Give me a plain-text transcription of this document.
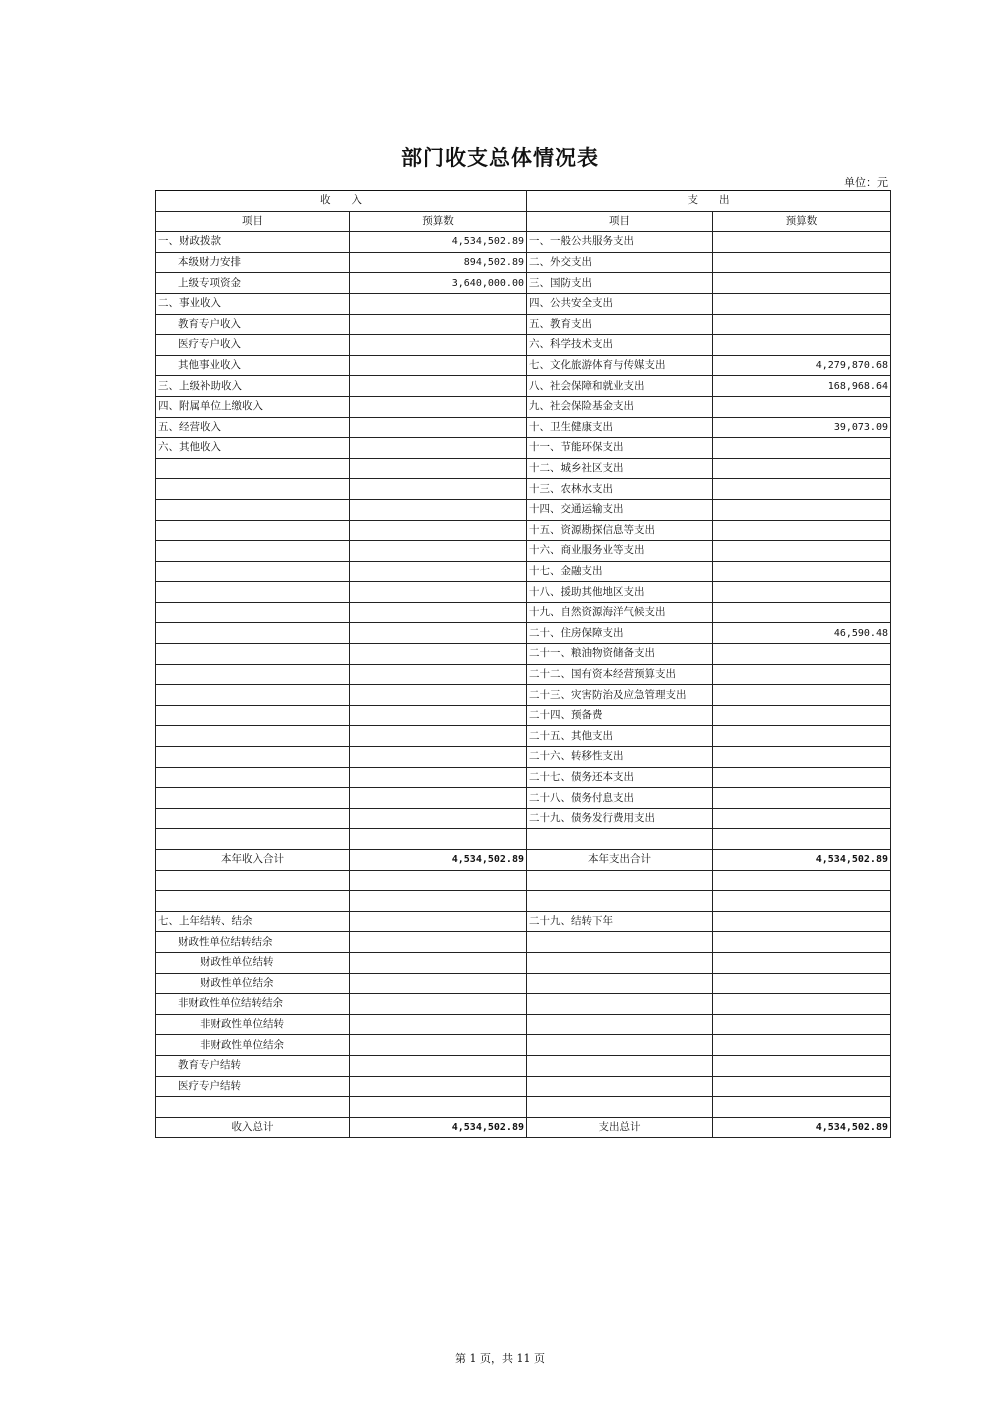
部门收支总体情况表
单位：元
收　　入		支　　出	
项目	预算数	项目	预算数
一、财政拨款	4,534,502.89	一、一般公共服务支出	
本级财力安排	894,502.89	二、外交支出	
上级专项资金	3,640,000.00	三、国防支出	
二、事业收入		四、公共安全支出	
教育专户收入		五、教育支出	
医疗专户收入		六、科学技术支出	
其他事业收入		七、文化旅游体育与传媒支出	4,279,870.68
三、上级补助收入		八、社会保障和就业支出	168,968.64
四、附属单位上缴收入		九、社会保险基金支出	
五、经营收入		十、卫生健康支出	39,073.09
六、其他收入		十一、节能环保支出	
		十二、城乡社区支出	
		十三、农林水支出	
		十四、交通运输支出	
		十五、资源勘探信息等支出	
		十六、商业服务业等支出	
		十七、金融支出	
		十八、援助其他地区支出	
		十九、自然资源海洋气候支出	
		二十、住房保障支出	46,590.48
		二十一、粮油物资储备支出	
		二十二、国有资本经营预算支出	
		二十三、灾害防治及应急管理支出	
		二十四、预备费	
		二十五、其他支出	
		二十六、转移性支出	
		二十七、债务还本支出	
		二十八、债务付息支出	
		二十九、债务发行费用支出	

本年收入合计	4,534,502.89	本年支出合计	4,534,502.89

七、上年结转、结余		二十九、结转下年	
财政性单位结转结余			
财政性单位结转			
财政性单位结余			
非财政性单位结转结余			
非财政性单位结转			
非财政性单位结余			
教育专户结转			
医疗专户结转			

收入总计	4,534,502.89	支出总计	4,534,502.89
第 1 页，共 11 页
